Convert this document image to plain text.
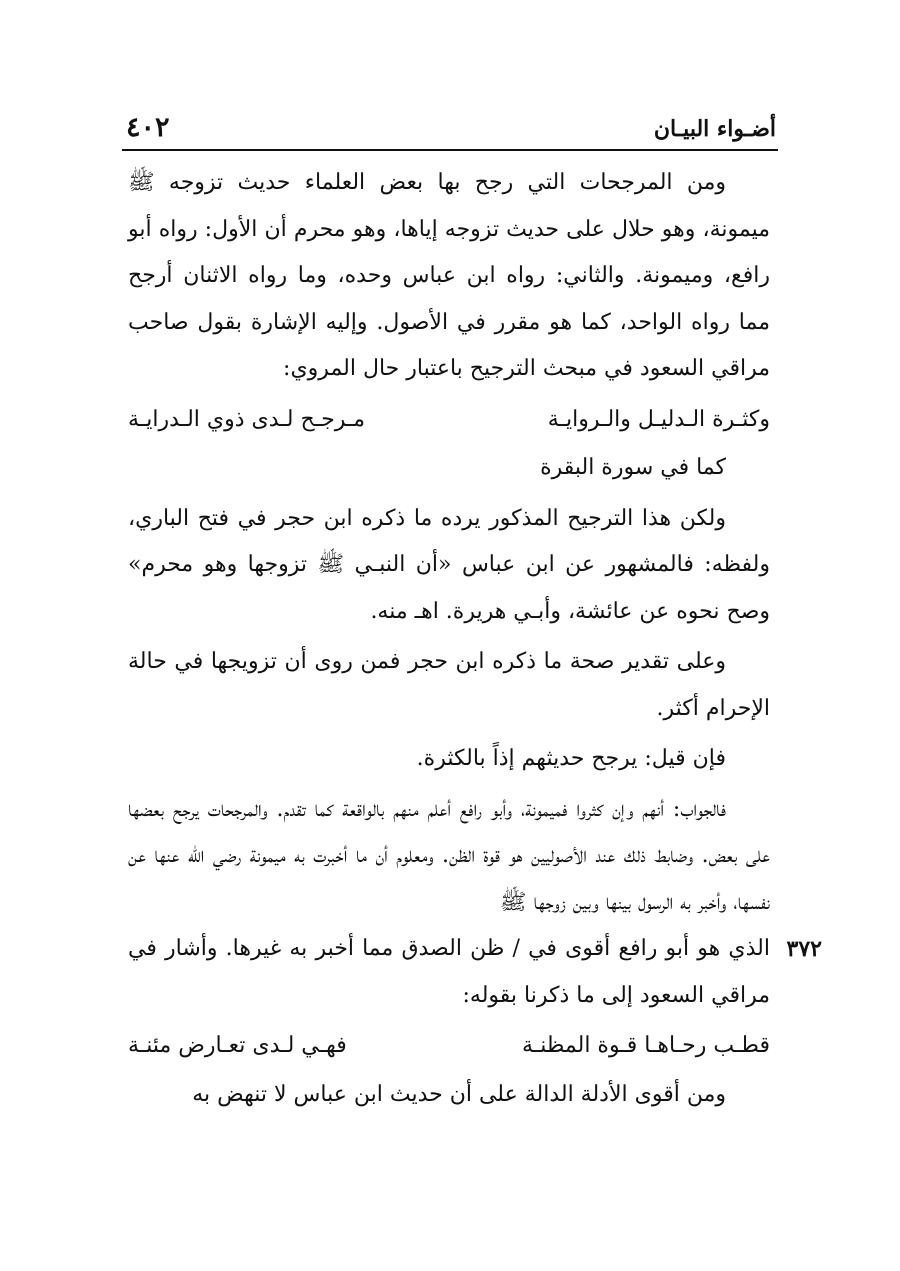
٤٠٢	أضـواء البيـان

ومن المرجحات التي رجح بها بعض العلماء حديث تزوجه ﷺ ميمونة، وهو حلال على حديث تزوجه إياها، وهو محرم أن الأول: رواه أبو رافع، وميمونة. والثاني: رواه ابن عباس وحده، وما رواه الاثنان أرجح مما رواه الواحد، كما هو مقرر في الأصول. وإليه الإشارة بقول صاحب مراقي السعود في مبحث الترجيح باعتبار حال المروي:

وكثـرة الـدليـل والـروايـة
مـرجـح لـدى ذوي الـدرايـة

كما في سورة البقرة

ولكن هذا الترجيح المذكور يرده ما ذكره ابن حجر في فتح الباري، ولفظه: فالمشهور عن ابن عباس «أن النبـي ﷺ تزوجها وهو محرم» وصح نحوه عن عائشة، وأبـي هريرة. اهـ منه.

وعلى تقدير صحة ما ذكره ابن حجر فمن روى أن تزويجها في حالة الإحرام أكثر.

فإن قيل: يرجح حديثهم إذاً بالكثرة.

فالجواب: أنهم وإن كثروا فميمونة، وأبو رافع أعلم منهم بالواقعة كما تقدم. والمرجحات يرجح بعضها على بعض. وضابط ذلك عند الأصوليين هو قوة الظن. ومعلوم أن ما أخبرت به ميمونة رضي الله عنها عن نفسها، وأخبر به الرسول بينها وبين زوجها ﷺ

٣٧٢

الذي هو أبو رافع أقوى في / ظن الصدق مما أخبر به غيرها. وأشار في مراقي السعود إلى ما ذكرنا بقوله:

قطـب رحـاهـا قـوة المظنـة
فهـي لـدى تعـارض مئنـة

ومن أقوى الأدلة الدالة على أن حديث ابن عباس لا تنهض به
